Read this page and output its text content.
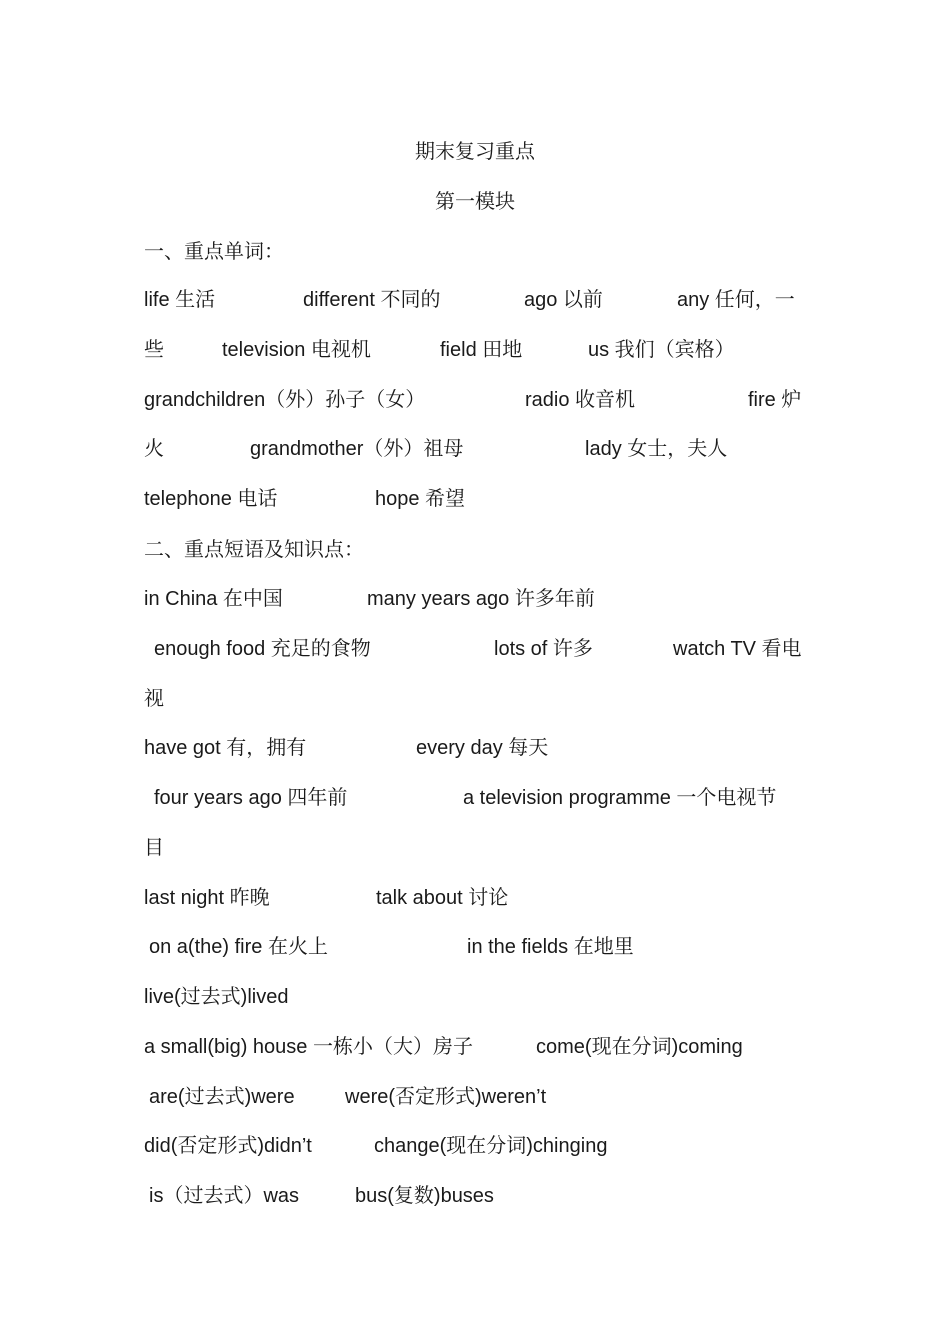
期末复习重点
第一模块
一、重点单词：
life 生活	different 不同的	ago 以前	any 任何，一
些	television 电视机	field 田地	us 我们（宾格）
grandchildren（外）孙子（女）	radio 收音机	fire 炉
火	grandmother（外）祖母	lady 女士，夫人
telephone 电话	hope 希望
二、重点短语及知识点：
in China 在中国	many years ago 许多年前
enough food 充足的食物	lots of 许多	watch TV 看电
视
have got 有，拥有	every day 每天
four years ago 四年前	a television programme 一个电视节
目
last night 昨晚	talk about 讨论
on a(the) fire 在火上	in the fields 在地里
live(过去式)lived
a small(big) house 一栋小（大）房子	come(现在分词)coming
are(过去式)were	were(否定形式)weren’t
did(否定形式)didn’t	change(现在分词)chinging
is（过去式）was	bus(复数)buses
